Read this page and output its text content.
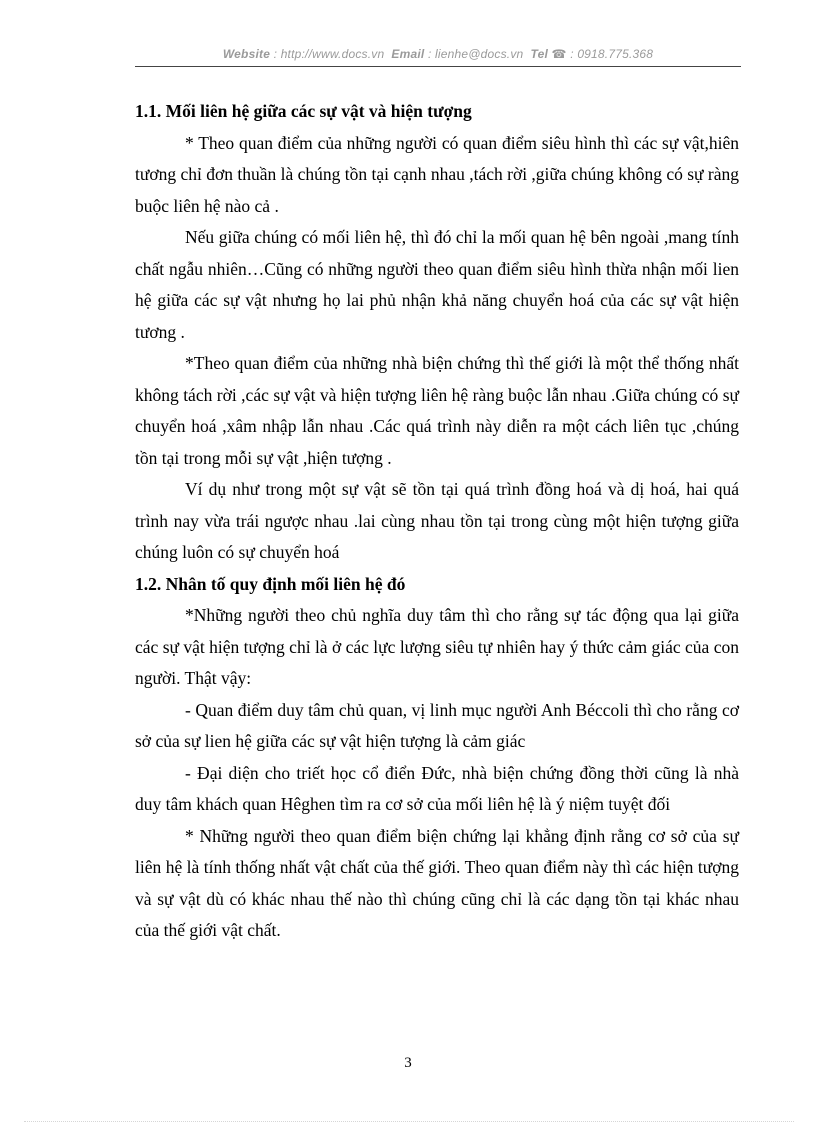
Website : http://www.docs.vn Email : lienhe@docs.vn Tel ☎ : 0918.775.368

1.1. Mối liên hệ giữa các sự vật và hiện tượng

* Theo quan điểm của những người có quan điểm siêu hình thì các sự vật,hiên tương chỉ đơn thuần là chúng tồn tại cạnh nhau ,tách rời ,giữa chúng không có sự ràng buộc liên hệ nào cả .

Nếu giữa chúng có mối liên hệ, thì đó chỉ la mối quan hệ bên ngoài ,mang tính chất ngẫu nhiên…Cũng có những người theo quan điểm siêu hình thừa nhận mối lien hệ giữa các sự vật nhưng họ lai phủ nhận khả năng chuyển hoá của các sự vật hiện tương .

*Theo quan điểm của những nhà biện chứng thì thế giới là một thể thống nhất không tách rời ,các sự vật và hiện tượng liên hệ ràng buộc lẫn nhau .Giữa chúng có sự chuyển hoá ,xâm nhập lẫn nhau .Các quá trình này diễn ra một cách liên tục ,chúng tồn tại trong mỗi sự vật ,hiện tượng .

Ví dụ như trong một sự vật sẽ tồn tại quá trình đồng hoá và dị hoá, hai quá trình nay vừa trái ngược nhau .lai cùng nhau tồn tại trong cùng một hiện tượng giữa chúng luôn có sự chuyển hoá

1.2. Nhân tố quy định mối liên hệ đó

*Những người theo chủ nghĩa duy tâm thì cho rằng sự tác động qua lại giữa các sự vật hiện tượng chỉ là ở các lực lượng siêu tự nhiên hay ý thức cảm giác của con người. Thật vậy:

- Quan điểm duy tâm chủ quan, vị linh mục người Anh Béccoli thì cho rằng cơ sở của sự lien hệ giữa các sự vật hiện tượng là cảm giác

- Đại diện cho triết học cổ điển Đức, nhà biện chứng đồng thời cũng là nhà duy tâm khách quan Hêghen tìm ra cơ sở của mối liên hệ là ý niệm tuyệt đối

* Những người theo quan điểm biện chứng lại khẳng định rằng cơ sở của sự liên hệ là tính thống nhất vật chất của thế giới. Theo quan điểm này thì các hiện tượng và sự vật dù có khác nhau thế nào thì chúng cũng chỉ là các dạng tồn tại khác nhau của thế giới vật chất.

3
